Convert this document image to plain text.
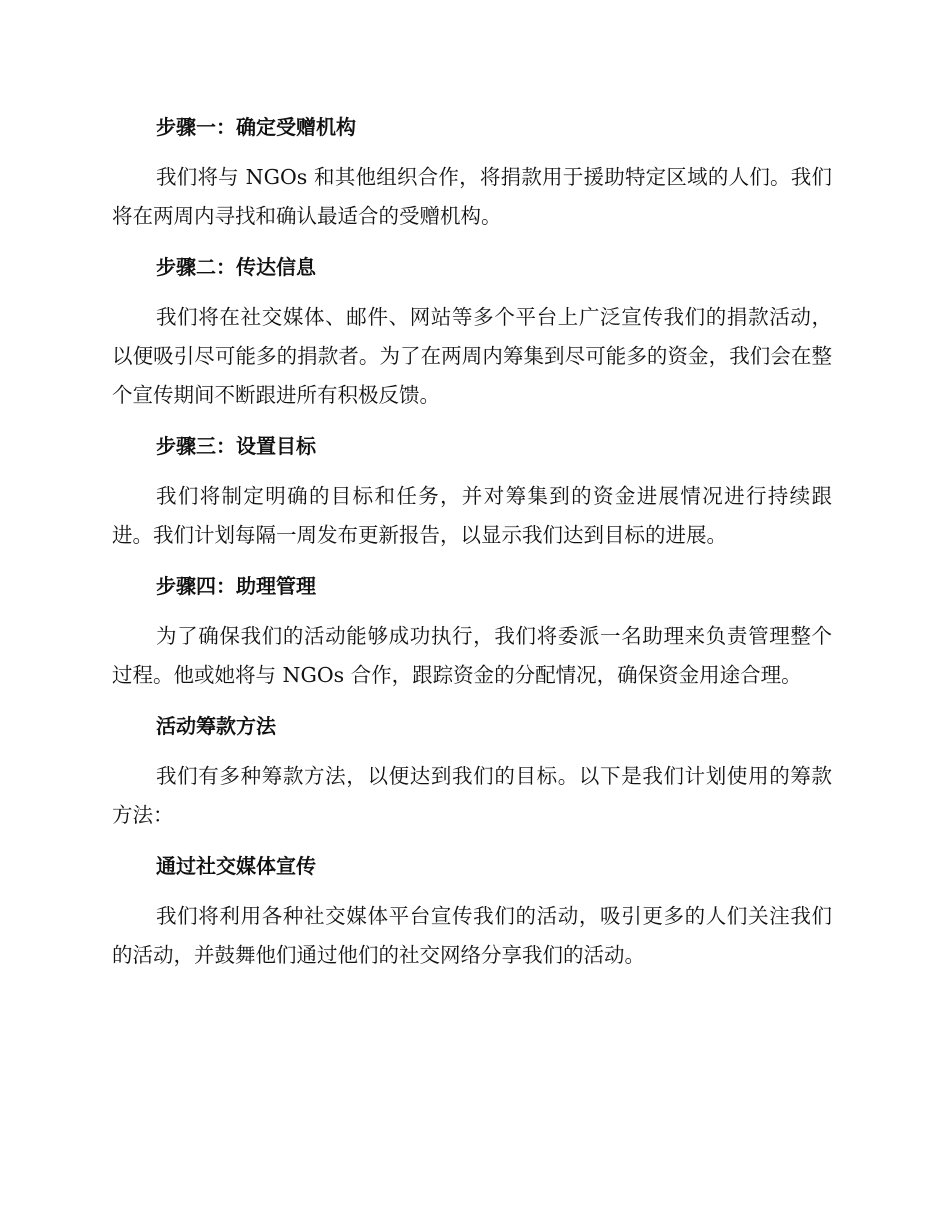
步骤一：确定受赠机构

我们将与 NGOs 和其他组织合作，将捐款用于援助特定区域的人们。我们将在两周内寻找和确认最适合的受赠机构。

步骤二：传达信息

我们将在社交媒体、邮件、网站等多个平台上广泛宣传我们的捐款活动，以便吸引尽可能多的捐款者。为了在两周内筹集到尽可能多的资金，我们会在整个宣传期间不断跟进所有积极反馈。

步骤三：设置目标

我们将制定明确的目标和任务，并对筹集到的资金进展情况进行持续跟进。我们计划每隔一周发布更新报告，以显示我们达到目标的进展。

步骤四：助理管理

为了确保我们的活动能够成功执行，我们将委派一名助理来负责管理整个过程。他或她将与 NGOs 合作，跟踪资金的分配情况，确保资金用途合理。

活动筹款方法

我们有多种筹款方法，以便达到我们的目标。以下是我们计划使用的筹款方法：

通过社交媒体宣传

我们将利用各种社交媒体平台宣传我们的活动，吸引更多的人们关注我们的活动，并鼓舞他们通过他们的社交网络分享我们的活动。
